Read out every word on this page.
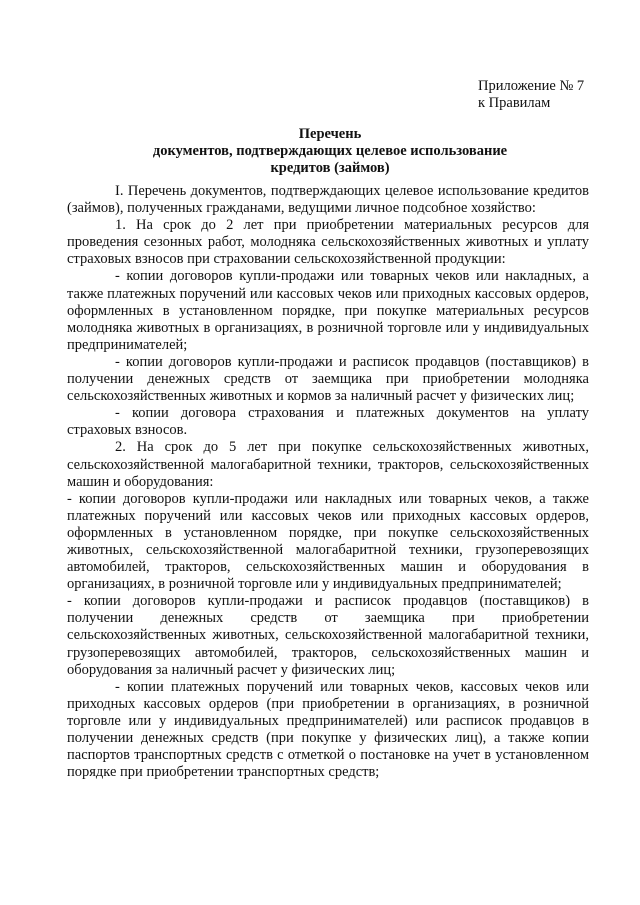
Приложение № 7
к Правилам
Перечень
документов, подтверждающих целевое использование
кредитов (займов)

I. Перечень документов, подтверждающих целевое использование кредитов (займов), полученных гражданами, ведущими личное подсобное хозяйство:

1. На срок до 2 лет при приобретении материальных ресурсов для проведения сезонных работ, молодняка сельскохозяйственных животных и уплату страховых взносов при страховании сельскохозяйственной продукции:

- копии договоров купли-продажи или товарных чеков или накладных, а также платежных поручений или кассовых чеков или приходных кассовых ордеров, оформленных в установленном порядке, при покупке материальных ресурсов молодняка животных в организациях, в розничной торговле или у индивидуальных предпринимателей;

- копии договоров купли-продажи и расписок продавцов (поставщиков) в получении денежных средств от заемщика при приобретении молодняка сельскохозяйственных животных и кормов за наличный расчет у физических лиц;

- копии договора страхования и платежных документов на уплату страховых взносов.

2. На срок до 5 лет при покупке сельскохозяйственных животных, сельскохозяйственной малогабаритной техники, тракторов, сельскохозяйственных машин и оборудования:

- копии договоров купли-продажи или накладных или товарных чеков, а также платежных поручений или кассовых чеков или приходных кассовых ордеров, оформленных в установленном порядке, при покупке сельскохозяйственных животных, сельскохозяйственной малогабаритной техники, грузоперевозящих автомобилей, тракторов, сельскохозяйственных машин и оборудования в организациях, в розничной торговле или у индивидуальных предпринимателей;

- копии договоров купли-продажи и расписок продавцов (поставщиков) в получении денежных средств от заемщика при приобретении сельскохозяйственных животных, сельскохозяйственной малогабаритной техники, грузоперевозящих автомобилей, тракторов, сельскохозяйственных машин и оборудования за наличный расчет у физических лиц;

- копии платежных поручений или товарных чеков, кассовых чеков или приходных кассовых ордеров (при приобретении в организациях, в розничной торговле или у индивидуальных предпринимателей) или расписок продавцов в получении денежных средств (при покупке у физических лиц), а также копии паспортов транспортных средств с отметкой о постановке на учет в установленном порядке при приобретении транспортных средств;
